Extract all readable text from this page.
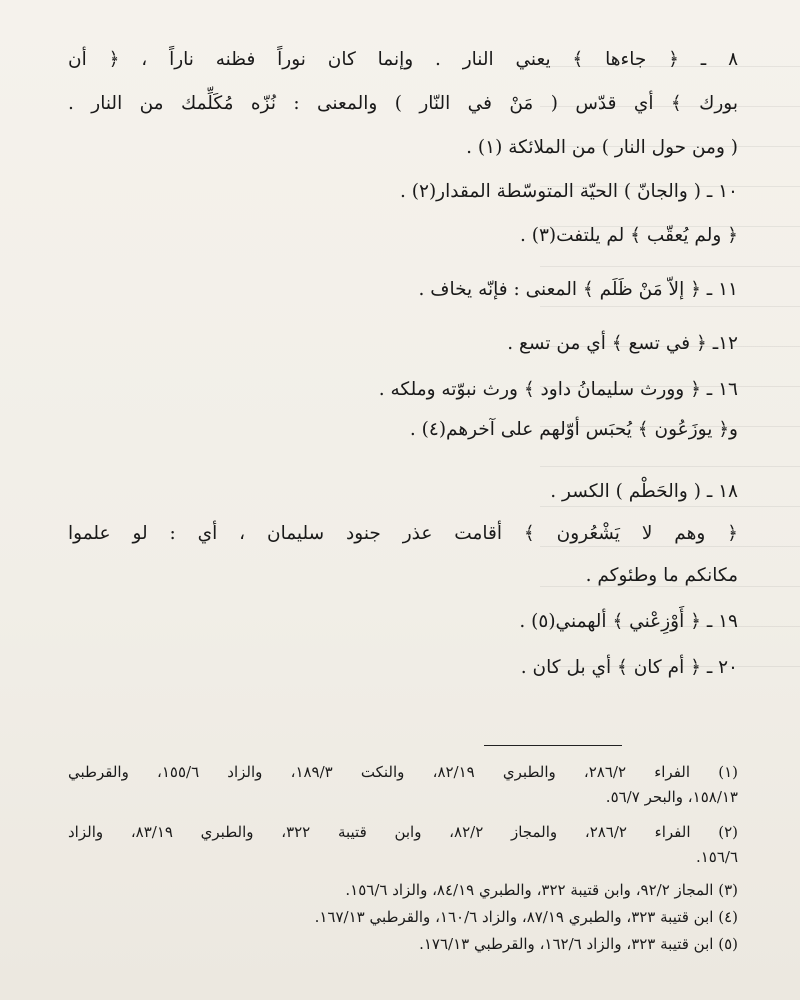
٨ ـ ﴿ جاءها ﴾ يعني النار . وإنما كان نوراً فظنه ناراً ، ﴿ أن

بورك ﴾ أي قدّس ( مَنْ في النّار ) والمعنى : نُزّه مُكَلِّمك من النار .

( ومن حول النار ) من الملائكة (١) .

١٠ ـ ( والجانّ ) الحيّة المتوسّطة المقدار(٢) .

﴿ ولم يُعقّب ﴾ لم يلتفت(٣) .

١١ ـ ﴿ إلاّ مَنْ ظَلَم ﴾ المعنى : فإنّه يخاف .

١٢ـ ﴿ في تسع ﴾ أي من تسع .

١٦ ـ ﴿ وورث سليمانُ داود ﴾ ورث نبوّته وملكه .

و﴿ يوزَعُون ﴾ يُحبَس أوّلهم على آخرهم(٤) .

١٨ ـ ( والحَطْم ) الكسر .

﴿ وهم لا يَشْعُرون ﴾ أقامت عذر جنود سليمان ، أي : لو علموا

مكانكم ما وطئوكم .

١٩ ـ ﴿ أَوْزِعْني ﴾ ألهمني(٥) .

٢٠ ـ ﴿ أم كان ﴾ أي بل كان .

(١) الفراء ٢٨٦/٢، والطبري ٨٢/١٩، والنكت ١٨٩/٣، والزاد ١٥٥/٦، والقرطبي

١٥٨/١٣، والبحر ٥٦/٧.

(٢) الفراء ٢٨٦/٢، والمجاز ٨٢/٢، وابن قتيبة ٣٢٢، والطبري ٨٣/١٩، والزاد

١٥٦/٦.

(٣) المجاز ٩٢/٢، وابن قتيبة ٣٢٢، والطبري ٨٤/١٩، والزاد ١٥٦/٦.

(٤) ابن قتيبة ٣٢٣، والطبري ٨٧/١٩، والزاد ١٦٠/٦، والقرطبي ١٦٧/١٣.

(٥) ابن قتيبة ٣٢٣، والزاد ١٦٢/٦، والقرطبي ١٧٦/١٣.
